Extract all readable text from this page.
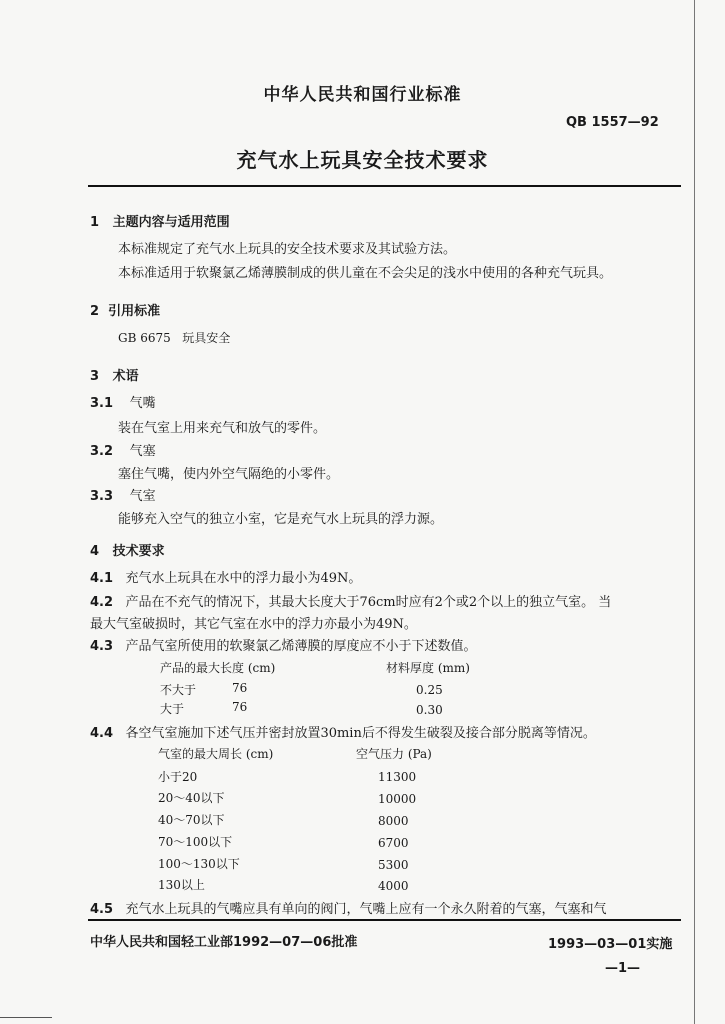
中华人民共和国行业标准
QB 1557—92
充气水上玩具安全技术要求
1 主题内容与适用范围
本标准规定了充气水上玩具的安全技术要求及其试验方法。
本标准适用于软聚氯乙烯薄膜制成的供儿童在不会尖足的浅水中使用的各种充气玩具。
2 引用标准
GB 6675 玩具安全
3 术语
3.1 气嘴
装在气室上用来充气和放气的零件。
3.2 气塞
塞住气嘴，使内外空气隔绝的小零件。
3.3 气室
能够充入空气的独立小室，它是充气水上玩具的浮力源。
4 技术要求
4.1 充气水上玩具在水中的浮力最小为49N。
4.2 产品在不充气的情况下，其最大长度大于76cm时应有2个或2个以上的独立气室。 当
最大气室破损时，其它气室在水中的浮力亦最小为49N。
4.3 产品气室所使用的软聚氯乙烯薄膜的厚度应不小于下述数值。
产品的最大长度 (cm)	材料厚度 (mm)
不大于	76	0.25
大于	76	0.30
4.4 各空气室施加下述气压并密封放置30min后不得发生破裂及接合部分脱离等情况。
气室的最大周长 (cm)	空气压力 (Pa)
小于20	11300
20～40以下	10000
40～70以下	8000
70～100以下	6700
100～130以下	5300
130以上	4000
4.5 充气水上玩具的气嘴应具有单向的阀门，气嘴上应有一个永久附着的气塞，气塞和气
中华人民共和国轻工业部1992—07—06批准	1993—03—01实施
—1—
